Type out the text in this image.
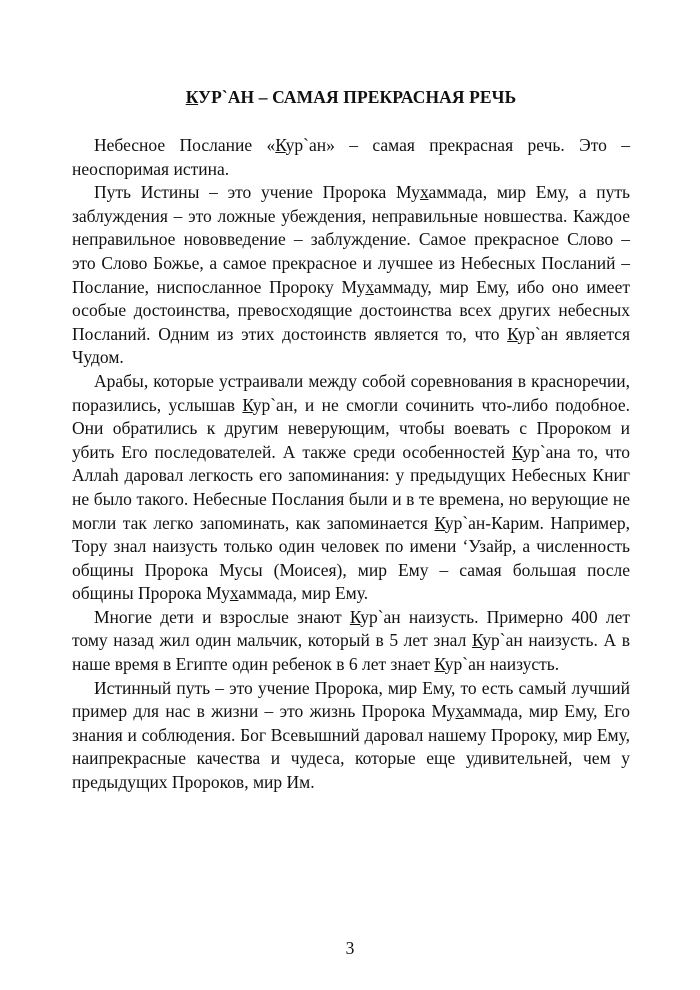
КУР`АН – САМАЯ ПРЕКРАСНАЯ РЕЧЬ

Небесное Послание «Кур`ан» – самая прекрасная речь. Это – неоспоримая истина.

Путь Истины – это учение Пророка Мухаммада, мир Ему, а путь заблуждения – это ложные убеждения, неправильные новшества. Каждое неправильное нововведение – заблуждение. Самое прекрасное Слово – это Слово Божье, а самое прекрасное и лучшее из Небесных Посланий – Послание, ниспосланное Пророку Мухаммаду, мир Ему, ибо оно имеет особые достоинства, превосходящие достоинства всех других небесных Посланий. Одним из этих достоинств является то, что Кур`ан является Чудом.

Арабы, которые устраивали между собой соревнования в красноречии, поразились, услышав Кур`ан, и не смогли сочинить что-либо подобное. Они обратились к другим неверующим, чтобы воевать с Пророком и убить Его последователей. А также среди особенностей Кур`ана то, что Аллаh даровал легкость его запоминания: у предыдущих Небесных Книг не было такого. Небесные Послания были и в те времена, но верующие не могли так легко запоминать, как запоминается Кур`ан-Карим. Например, Тору знал наизусть только один человек по имени ‘Узайр, а численность общины Пророка Мусы (Моисея), мир Ему – самая большая после общины Пророка Мухаммада, мир Ему.

Многие дети и взрослые знают Кур`ан наизусть. Примерно 400 лет тому назад жил один мальчик, который в 5 лет знал Кур`ан наизусть. А в наше время в Египте один ребенок в 6 лет знает Кур`ан наизусть.

Истинный путь – это учение Пророка, мир Ему, то есть самый лучший пример для нас в жизни – это жизнь Пророка Мухаммада, мир Ему, Его знания и соблюдения. Бог Всевышний даровал нашему Пророку, мир Ему, наипрекрасные качества и чудеса, которые еще удивительней, чем у предыдущих Пророков, мир Им.

3
